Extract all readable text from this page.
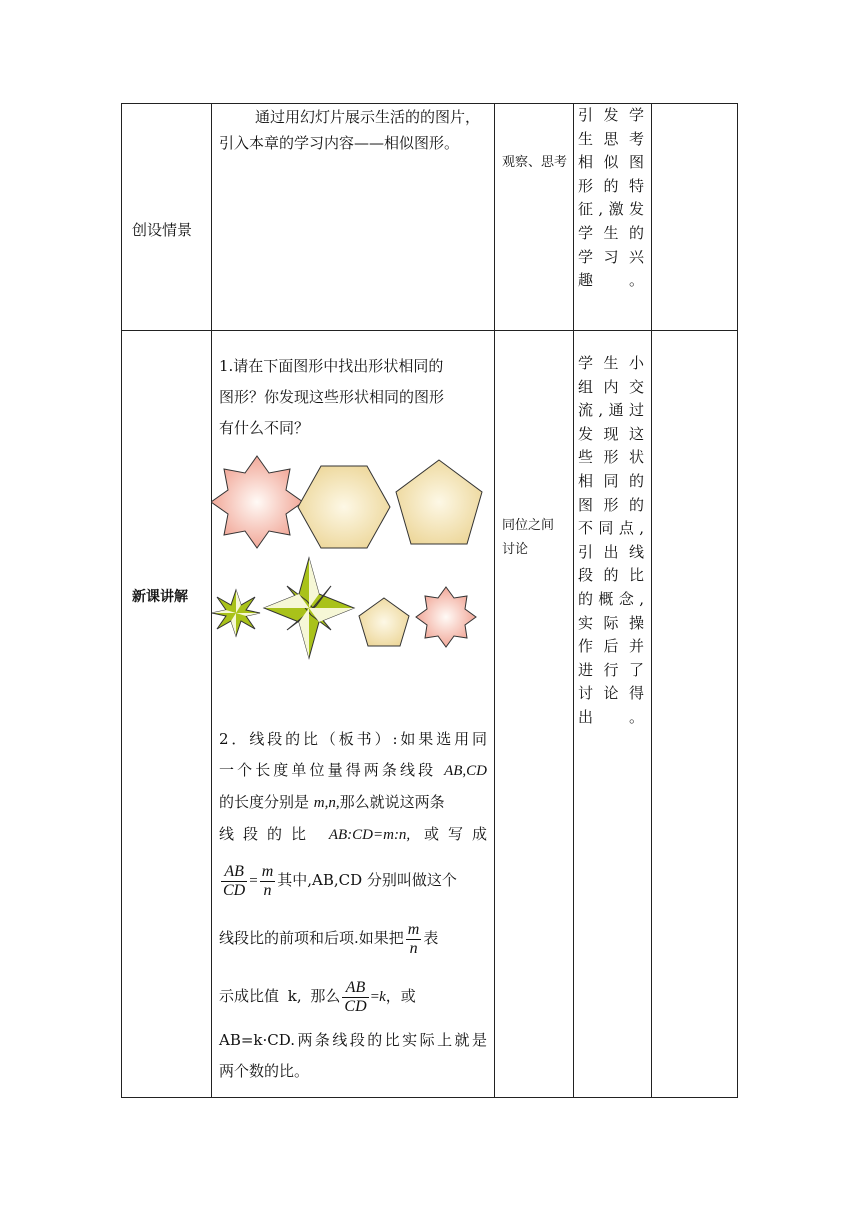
创设情景
通过用幻灯片展示生活的的图片，引入本章的学习内容——相似图形。
观察、思考
引发学
生思考
相似图
形的特
征,激发
学生的
学习兴
趣。
新课讲解
1.请在下面图形中找出形状相同的
图形？你发现这些形状相同的图形
有什么不同？
2．线段的比（板书）:如果选用同
一个长度单位量得两条线段 AB,CD
的长度分别是 m,n,那么就说这两条
线段的比 AB:CD=m:n, 或写成
$\frac{AB}{CD} = \frac{m}{n}$ 其中,AB,CD 分别叫做这个
线段比的前项和后项.如果把 $\frac{m}{n}$ 表
示成比值 k, 那么 $\frac{AB}{CD} =k$，或
AB=k·CD.两条线段的比实际上就是
两个数的比。
同位之间
讨论
学生小
组内交
流,通过
发现这
些形状
相同的
图形的
不同点,
引出线
段的比
的概念,
实际操
作后并
进行了
讨论得
出。
